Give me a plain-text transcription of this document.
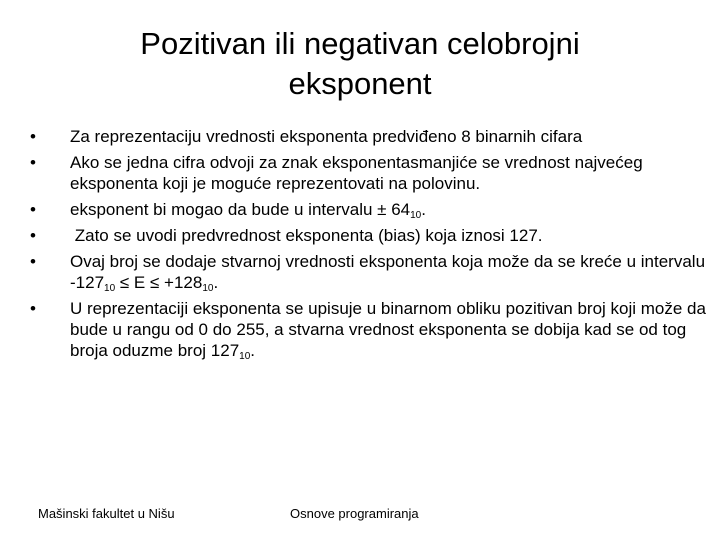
Pozitivan ili negativan celobrojni
eksponent
•	Za reprezentaciju vrednosti eksponenta predviđeno 8 binarnih cifara
•	Ako se jedna cifra odvoji za znak eksponentasmanjiće se vrednost najvećeg eksponenta koji je moguće reprezentovati na polovinu.
•	eksponent bi mogao da bude u intervalu ± $64_{10}$.
•	Zato se uvodi predvrednost eksponenta (bias) koja iznosi 127.
•	Ovaj broj se dodaje stvarnoj vrednosti eksponenta koja može da se kreće u intervalu $-127_{10} \le E \le +128_{10}$.
•	U reprezentaciji eksponenta se upisuje u binarnom obliku pozitivan broj koji može da bude u rangu od 0 do 255, a stvarna vrednost eksponenta se dobija kad se od tog broja oduzme broj $127_{10}$.
Mašinski fakultet u Nišu	Osnove programiranja
